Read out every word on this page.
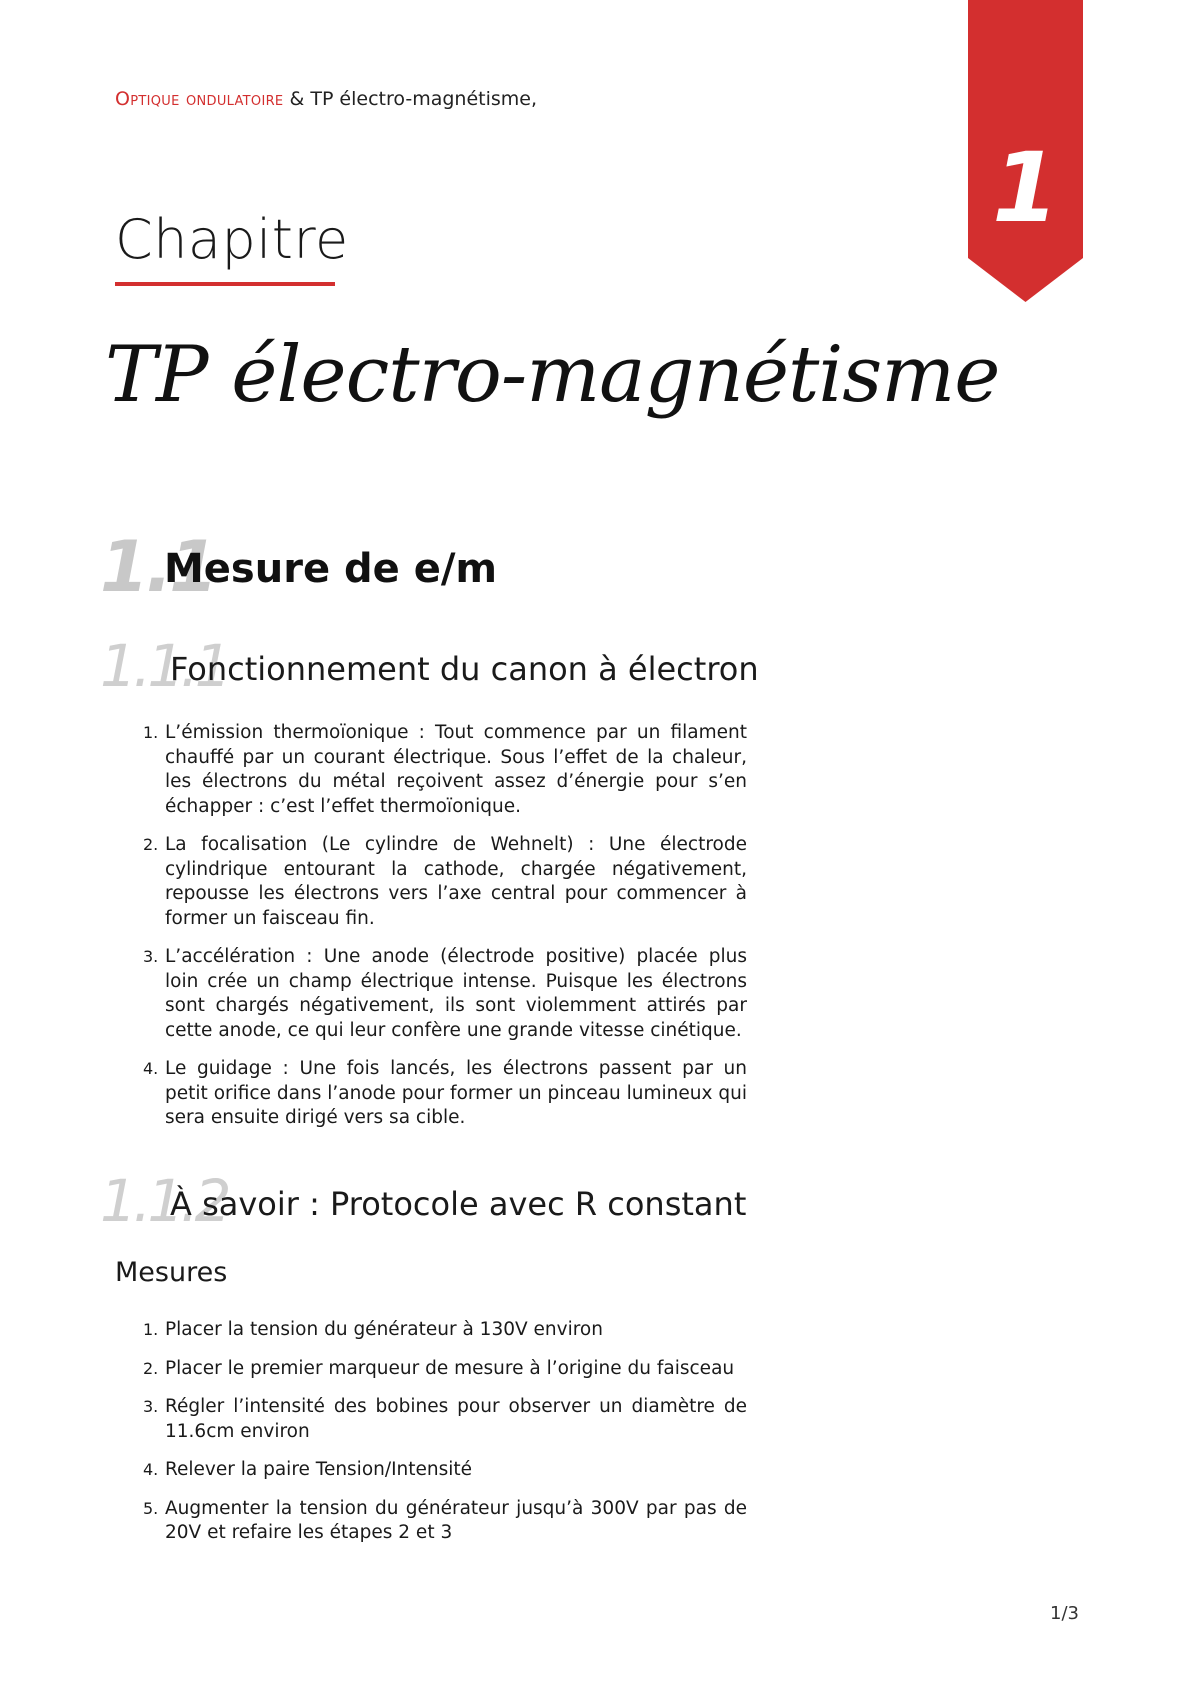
Optique ondulatoire & TP électro-magnétisme,
1
Chapitre
TP électro-magnétisme
1.1
Mesure de e/m
1.1.1
Fonctionnement du canon à électron
1. L’émission thermoïonique : Tout commence par un filament chauffé par un courant électrique. Sous l’effet de la chaleur, les électrons du métal reçoivent assez d’énergie pour s’en échapper : c’est l’effet thermoïonique.
2. La focalisation (Le cylindre de Wehnelt) : Une électrode cylindrique entourant la cathode, chargée négativement, repousse les électrons vers l’axe central pour commencer à former un faisceau fin.
3. L’accélération : Une anode (électrode positive) placée plus loin crée un champ électrique intense. Puisque les électrons sont chargés négativement, ils sont violemment attirés par cette anode, ce qui leur confère une grande vitesse cinétique.
4. Le guidage : Une fois lancés, les électrons passent par un petit orifice dans l’anode pour former un pinceau lumineux qui sera ensuite dirigé vers sa cible.
1.1.2
À savoir : Protocole avec R constant
Mesures
1. Placer la tension du générateur à 130V environ
2. Placer le premier marqueur de mesure à l’origine du faisceau
3. Régler l’intensité des bobines pour observer un diamètre de 11.6cm environ
4. Relever la paire Tension/Intensité
5. Augmenter la tension du générateur jusqu’à 300V par pas de 20V et refaire les étapes 2 et 3
1/3
